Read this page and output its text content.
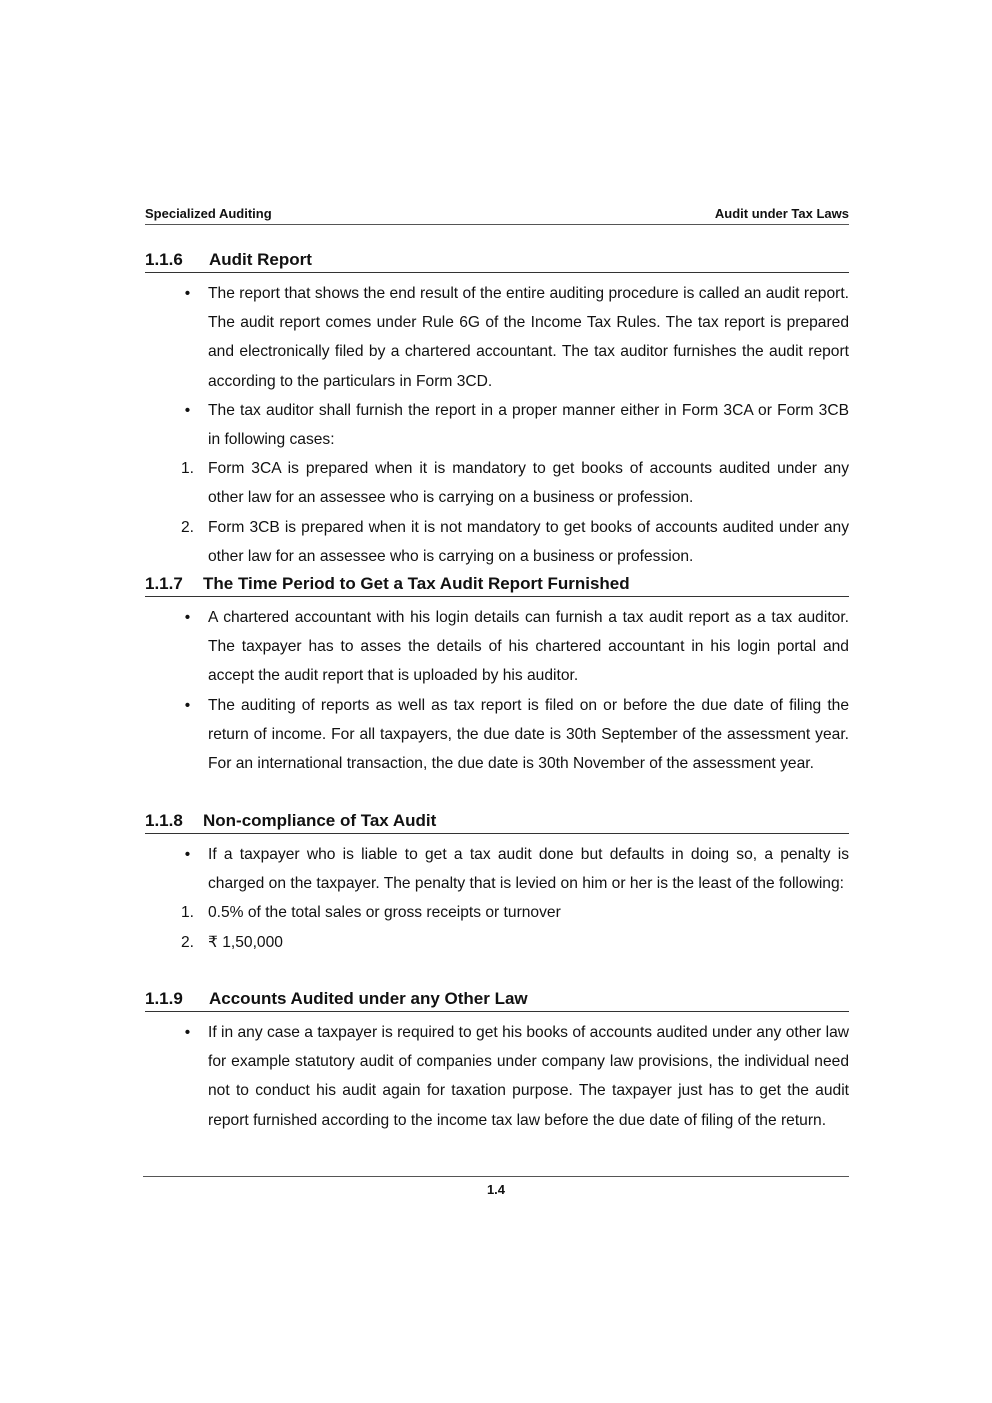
Specialized Auditing	Audit under Tax Laws
1.1.6 Audit Report
•	The report that shows the end result of the entire auditing procedure is called an audit report. The audit report comes under Rule 6G of the Income Tax Rules. The tax report is prepared and electronically filed by a chartered accountant. The tax auditor furnishes the audit report according to the particulars in Form 3CD.
•	The tax auditor shall furnish the report in a proper manner either in Form 3CA or Form 3CB in following cases:
1. Form 3CA is prepared when it is mandatory to get books of accounts audited under any other law for an assessee who is carrying on a business or profession.
2. Form 3CB is prepared when it is not mandatory to get books of accounts audited under any other law for an assessee who is carrying on a business or profession.
1.1.7 The Time Period to Get a Tax Audit Report Furnished
•	A chartered accountant with his login details can furnish a tax audit report as a tax auditor. The taxpayer has to asses the details of his chartered accountant in his login portal and accept the audit report that is uploaded by his auditor.
•	The auditing of reports as well as tax report is filed on or before the due date of filing the return of income. For all taxpayers, the due date is 30th September of the assessment year. For an international transaction, the due date is 30th November of the assessment year.
1.1.8 Non-compliance of Tax Audit
•	If a taxpayer who is liable to get a tax audit done but defaults in doing so, a penalty is charged on the taxpayer. The penalty that is levied on him or her is the least of the following:
1. 0.5% of the total sales or gross receipts or turnover
2. ₹ 1,50,000
1.1.9 Accounts Audited under any Other Law
•	If in any case a taxpayer is required to get his books of accounts audited under any other law for example statutory audit of companies under company law provisions, the individual need not to conduct his audit again for taxation purpose. The taxpayer just has to get the audit report furnished according to the income tax law before the due date of filing of the return.
1.4
